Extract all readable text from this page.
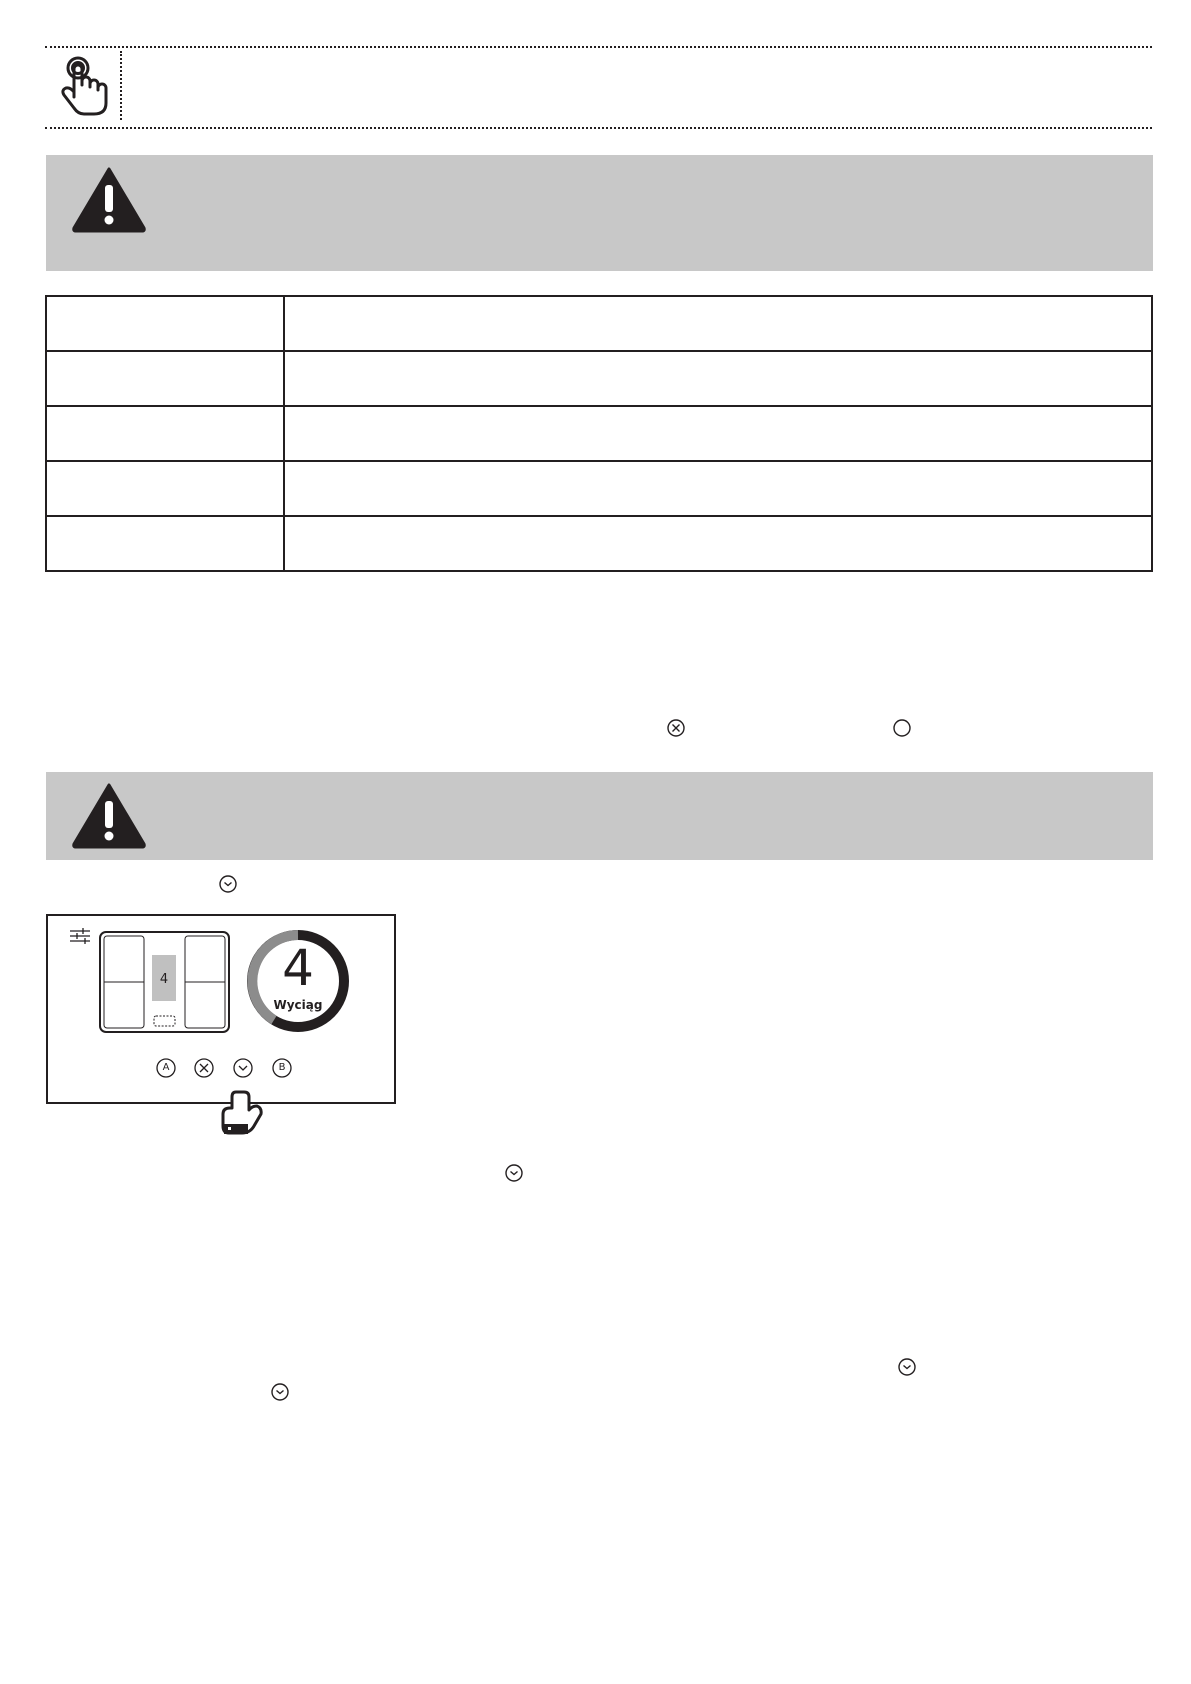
4	4
Wyciąg
A	B
